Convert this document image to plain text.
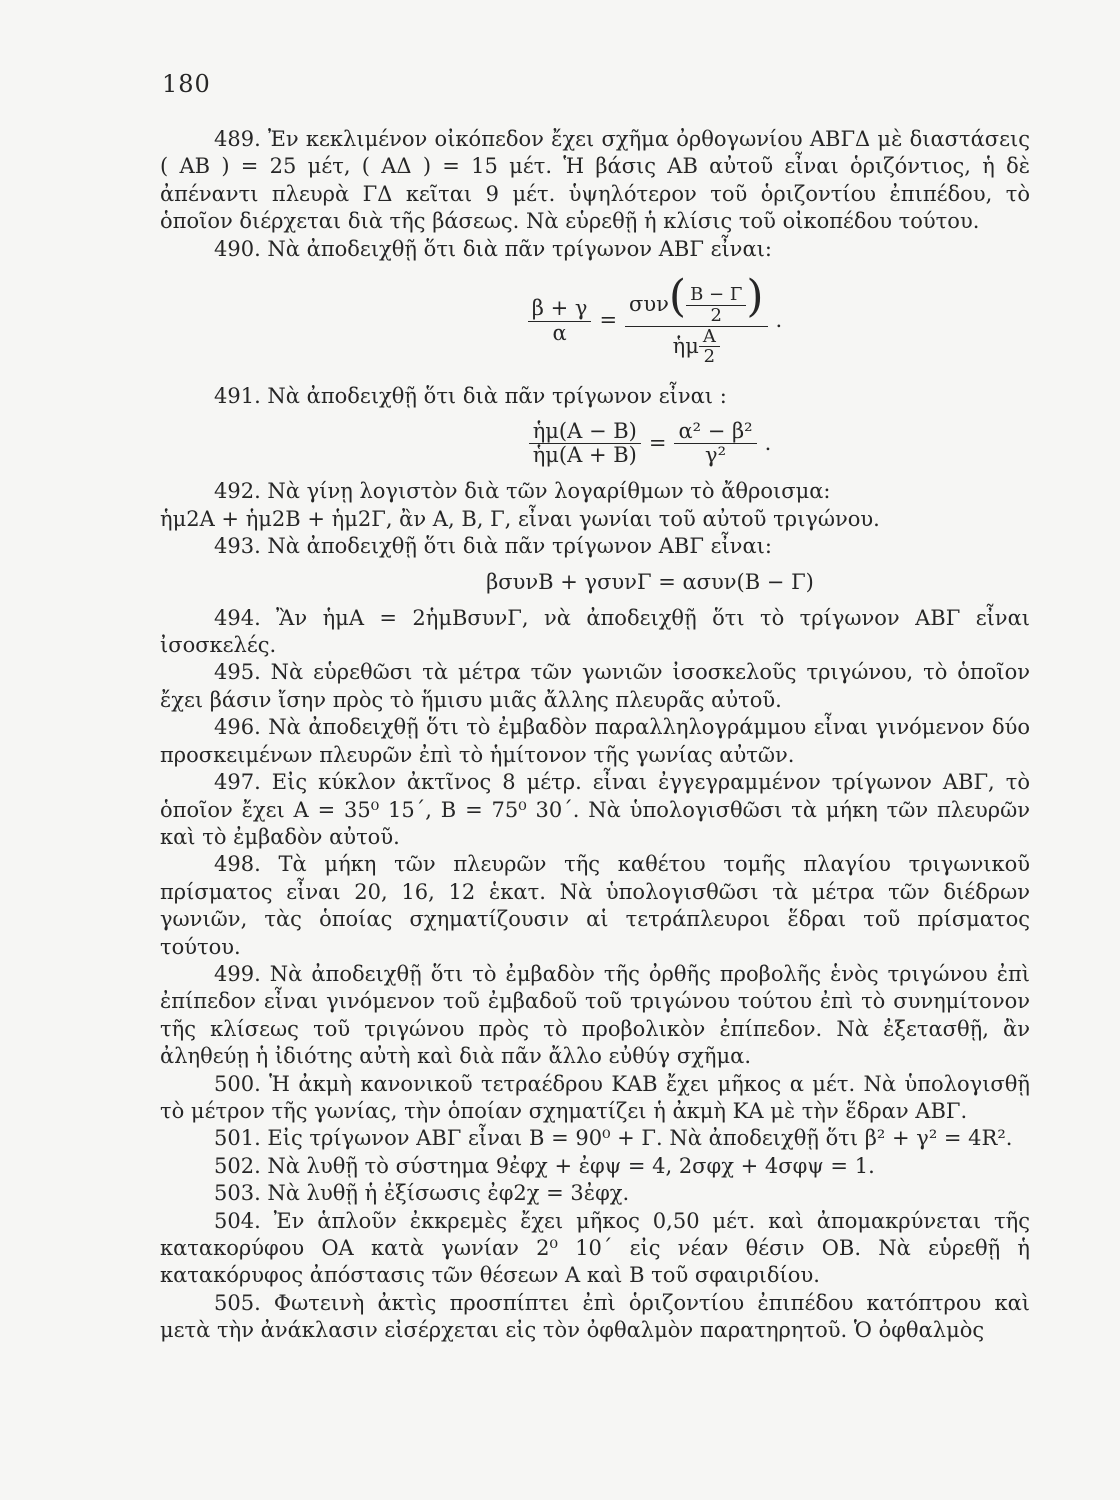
180

489. Ἐν κεκλιμένον οἰκόπεδον ἔχει σχῆμα ὀρθογωνίου ΑΒΓΔ μὲ διαστάσεις ( ΑΒ ) = 25 μέτ, ( ΑΔ ) = 15 μέτ. Ἡ βάσις ΑΒ αὐτοῦ εἶναι ὁριζόντιος, ἡ δὲ ἀπέναντι πλευρὰ ΓΔ κεῖται 9 μέτ. ὑψηλότερον τοῦ ὁριζοντίου ἐπιπέδου, τὸ ὁποῖον διέρχεται διὰ τῆς βάσεως. Νὰ εὑρεθῇ ἡ κλίσις τοῦ οἰκοπέδου τούτου.

490. Νὰ ἀποδειχθῇ ὅτι διὰ πᾶν τρίγωνον ΑΒΓ εἶναι:

$\frac{\beta + \gamma}{\alpha} = \frac{\sigma\upsilon\nu( \frac{B - \Gamma}{2} )}{ἡ\mu \frac{A}{2}}$ .

491. Νὰ ἀποδειχθῇ ὅτι διὰ πᾶν τρίγωνον εἶναι :

$\frac{\text{ἡμ(Α − Β)}}{\text{ἡμ(Α + Β)}} = \frac{\text{α² − β²}}{\text{γ²}}$ .

492. Νὰ γίνῃ λογιστὸν διὰ τῶν λογαρίθμων τὸ ἄθροισμα:

ἡμ2Α + ἡμ2Β + ἡμ2Γ, ἂν Α, Β, Γ, εἶναι γωνίαι τοῦ αὐτοῦ τριγώνου.

493. Νὰ ἀποδειχθῇ ὅτι διὰ πᾶν τρίγωνον ΑΒΓ εἶναι:

βσυνΒ + γσυνΓ = ασυν(Β − Γ)

494. Ἂν ἡμΑ = 2ἡμΒσυνΓ, νὰ ἀποδειχθῇ ὅτι τὸ τρίγωνον ΑΒΓ εἶναι ἰσοσκελές.

495. Νὰ εὑρεθῶσι τὰ μέτρα τῶν γωνιῶν ἰσοσκελοῦς τριγώνου, τὸ ὁποῖον ἔχει βάσιν ἴσην πρὸς τὸ ἥμισυ μιᾶς ἄλλης πλευρᾶς αὐτοῦ.

496. Νὰ ἀποδειχθῇ ὅτι τὸ ἐμβαδὸν παραλληλογράμμου εἶναι γινόμενον δύο προσκειμένων πλευρῶν ἐπὶ τὸ ἡμίτονον τῆς γωνίας αὐτῶν.

497. Εἰς κύκλον ἀκτῖνος 8 μέτρ. εἶναι ἐγγεγραμμένον τρίγωνον ΑΒΓ, τὸ ὁποῖον ἔχει Α = 35⁰ 15΄, Β = 75⁰ 30΄. Νὰ ὑπολογισθῶσι τὰ μήκη τῶν πλευρῶν καὶ τὸ ἐμβαδὸν αὐτοῦ.

498. Τὰ μήκη τῶν πλευρῶν τῆς καθέτου τομῆς πλαγίου τριγωνικοῦ πρίσματος εἶναι 20, 16, 12 ἑκατ. Νὰ ὑπολογισθῶσι τὰ μέτρα τῶν διέδρων γωνιῶν, τὰς ὁποίας σχηματίζουσιν αἱ τετράπλευροι ἕδραι τοῦ πρίσματος τούτου.

499. Νὰ ἀποδειχθῇ ὅτι τὸ ἐμβαδὸν τῆς ὀρθῆς προβολῆς ἑνὸς τριγώνου ἐπὶ ἐπίπεδον εἶναι γινόμενον τοῦ ἐμβαδοῦ τοῦ τριγώνου τούτου ἐπὶ τὸ συνημίτονον τῆς κλίσεως τοῦ τριγώνου πρὸς τὸ προβολικὸν ἐπίπεδον. Νὰ ἐξετασθῇ, ἂν ἀληθεύῃ ἡ ἰδιότης αὐτὴ καὶ διὰ πᾶν ἄλλο εὐθύγ σχῆμα.

500. Ἡ ἀκμὴ κανονικοῦ τετραέδρου ΚΑΒ ἔχει μῆκος α μέτ. Νὰ ὑπολογισθῇ τὸ μέτρον τῆς γωνίας, τὴν ὁποίαν σχηματίζει ἡ ἀκμὴ ΚΑ μὲ τὴν ἕδραν ΑΒΓ.

501. Εἰς τρίγωνον ΑΒΓ εἶναι Β = 90⁰ + Γ. Νὰ ἀποδειχθῇ ὅτι β² + γ² = 4R².

502. Νὰ λυθῇ τὸ σύστημα 9ἐφχ + ἐφψ = 4, 2σφχ + 4σφψ = 1.

503. Νὰ λυθῇ ἡ ἐξίσωσις ἐφ2χ = 3ἐφχ.

504. Ἐν ἁπλοῦν ἐκκρεμὲς ἔχει μῆκος 0,50 μέτ. καὶ ἀπομακρύνεται τῆς κατακορύφου ΟΑ κατὰ γωνίαν 2⁰ 10΄ εἰς νέαν θέσιν ΟΒ. Νὰ εὑρεθῇ ἡ κατακόρυφος ἀπόστασις τῶν θέσεων Α καὶ Β τοῦ σφαιριδίου.

505. Φωτεινὴ ἀκτὶς προσπίπτει ἐπὶ ὁριζοντίου ἐπιπέδου κατόπτρου καὶ μετὰ τὴν ἀνάκλασιν εἰσέρχεται εἰς τὸν ὀφθαλμὸν παρατηρητοῦ. Ὁ ὀφθαλμὸς
